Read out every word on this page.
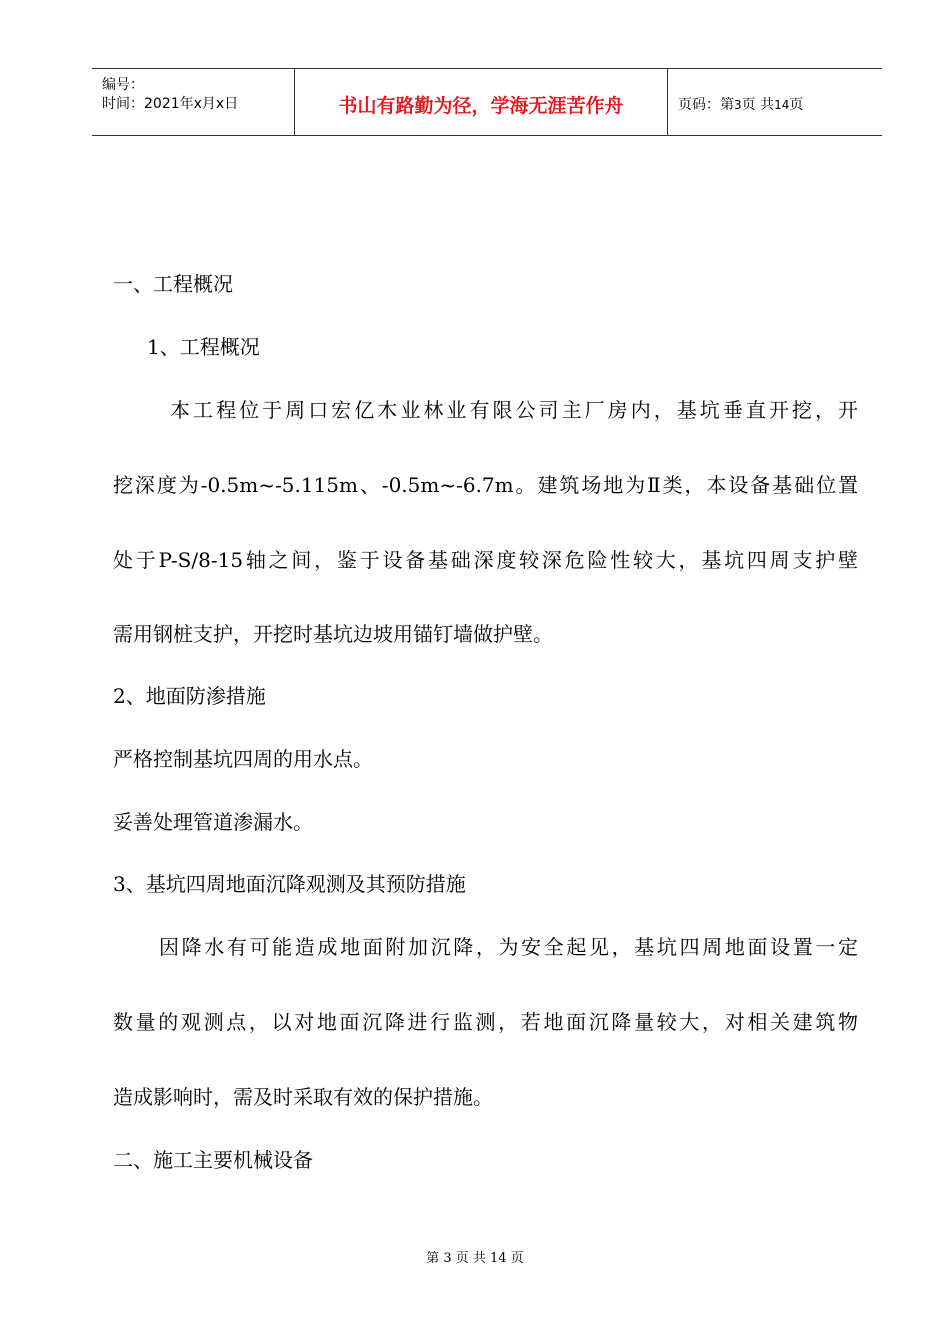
编号：
时间：2021年x月x日	书山有路勤为径，学海无涯苦作舟	页码：第3页 共14页
一、工程概况
1、工程概况
本工程位于周口宏亿木业林业有限公司主厂房内，基坑垂直开挖，开
挖深度为-0.5m~-5.115m、-0.5m~-6.7m。建筑场地为Ⅱ类，本设备基础位置
处于P-S/8-15轴之间，鉴于设备基础深度较深危险性较大，基坑四周支护壁
需用钢桩支护，开挖时基坑边坡用锚钉墙做护壁。
2、地面防渗措施
严格控制基坑四周的用水点。
妥善处理管道渗漏水。
3、基坑四周地面沉降观测及其预防措施
因降水有可能造成地面附加沉降，为安全起见，基坑四周地面设置一定
数量的观测点，以对地面沉降进行监测，若地面沉降量较大，对相关建筑物
造成影响时，需及时采取有效的保护措施。
二、施工主要机械设备
第 3 页 共 14 页
